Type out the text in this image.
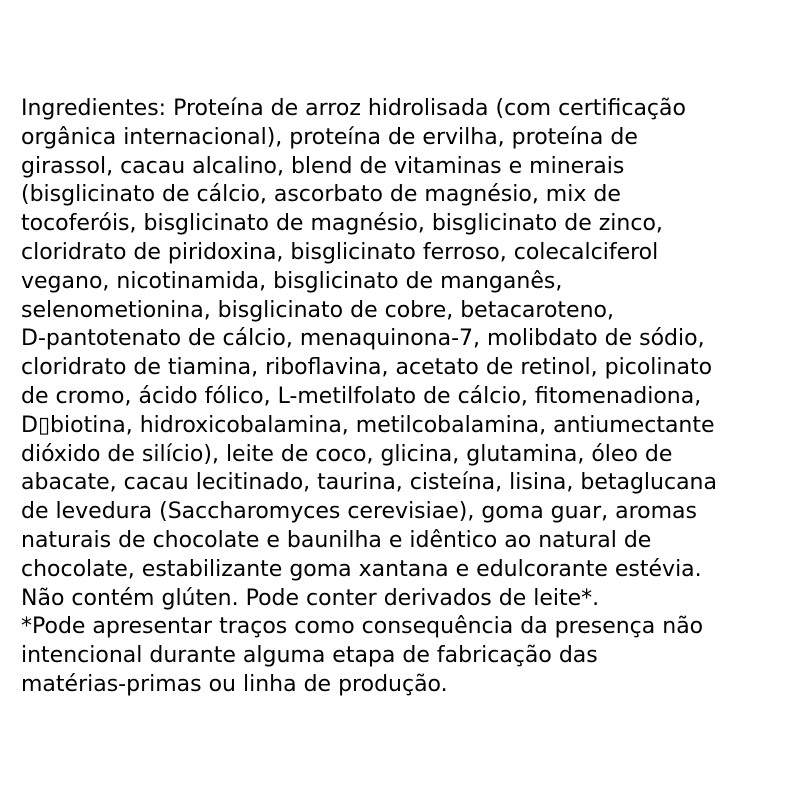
Ingredientes: Proteína de arroz hidrolisada (com certificação
orgânica internacional), proteína de ervilha, proteína de
girassol, cacau alcalino, blend de vitaminas e minerais
(bisglicinato de cálcio, ascorbato de magnésio, mix de
tocoferóis, bisglicinato de magnésio, bisglicinato de zinco,
cloridrato de piridoxina, bisglicinato ferroso, colecalciferol
vegano, nicotinamida, bisglicinato de manganês,
selenometionina, bisglicinato de cobre, betacaroteno,
D-pantotenato de cálcio, menaquinona-7, molibdato de sódio,
cloridrato de tiamina, riboflavina, acetato de retinol, picolinato
de cromo, ácido fólico, L-metilfolato de cálcio, fitomenadiona,
D▯biotina, hidroxicobalamina, metilcobalamina, antiumectante
dióxido de silício), leite de coco, glicina, glutamina, óleo de
abacate, cacau lecitinado, taurina, cisteína, lisina, betaglucana
de levedura (Saccharomyces cerevisiae), goma guar, aromas
naturais de chocolate e baunilha e idêntico ao natural de
chocolate, estabilizante goma xantana e edulcorante estévia.
Não contém glúten. Pode conter derivados de leite*.
*Pode apresentar traços como consequência da presença não
intencional durante alguma etapa de fabricação das
matérias-primas ou linha de produção.
